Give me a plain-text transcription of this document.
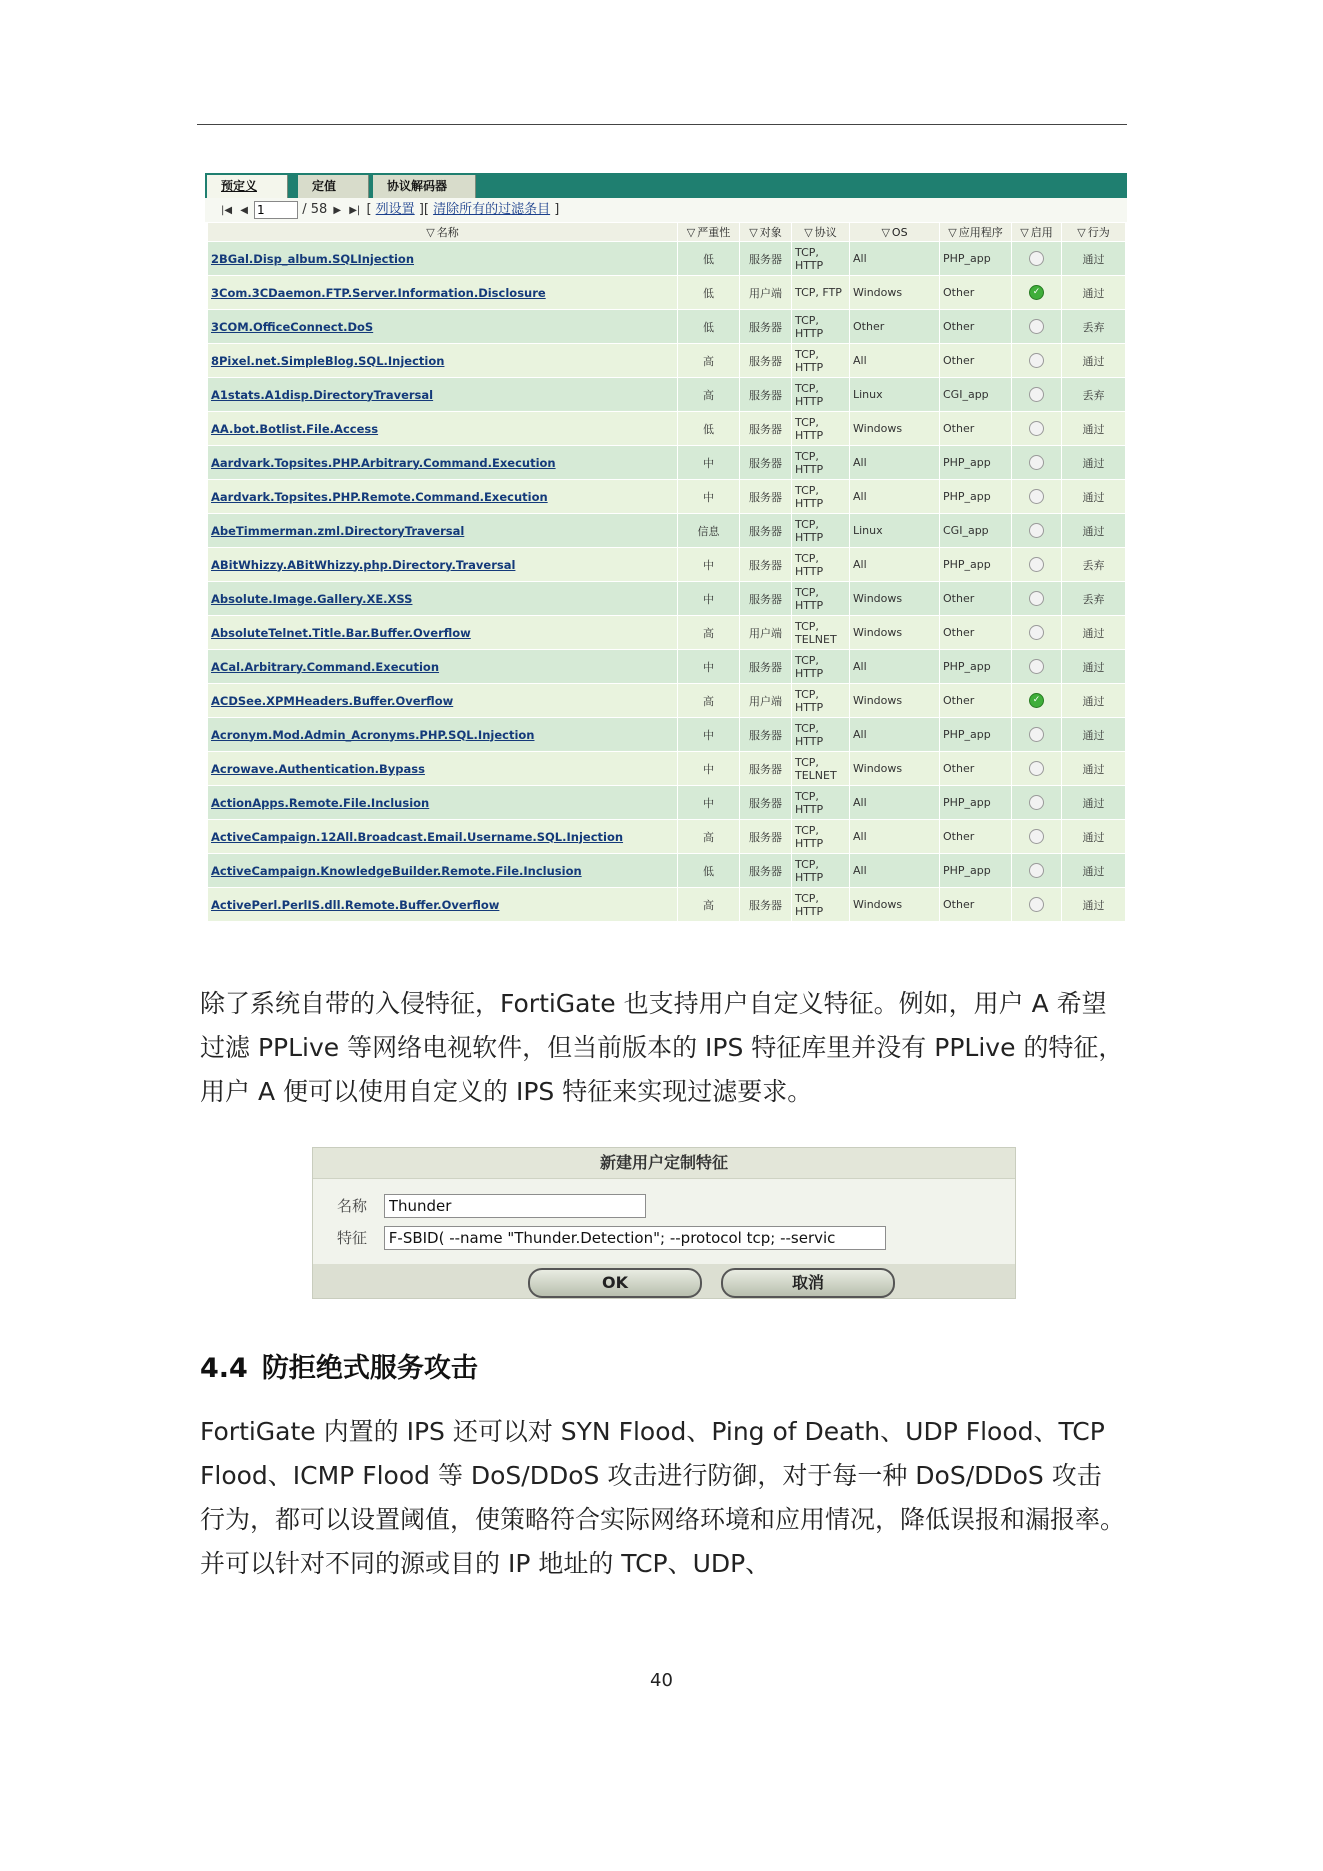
预定义	定值	协议解码器
|◀ ◀ 1	/ 58 ▶ ▶| [ 列设置 ][ 清除所有的过滤条目 ]
▽ 名称	▽ 严重性	▽ 对象	▽ 协议	▽ OS	▽ 应用程序	▽ 启用	▽ 行为
2BGal.Disp_album.SQLInjection	低	服务器	TCP, HTTP	All	PHP_app		通过
3Com.3CDaemon.FTP.Server.Information.Disclosure	低	用户端	TCP, FTP	Windows	Other	✓	通过
3COM.OfficeConnect.DoS	低	服务器	TCP, HTTP	Other	Other		丢弃
8Pixel.net.SimpleBlog.SQL.Injection	高	服务器	TCP, HTTP	All	Other		通过
A1stats.A1disp.DirectoryTraversal	高	服务器	TCP, HTTP	Linux	CGI_app		丢弃
AA.bot.Botlist.File.Access	低	服务器	TCP, HTTP	Windows	Other		通过
Aardvark.Topsites.PHP.Arbitrary.Command.Execution	中	服务器	TCP, HTTP	All	PHP_app		通过
Aardvark.Topsites.PHP.Remote.Command.Execution	中	服务器	TCP, HTTP	All	PHP_app		通过
AbeTimmerman.zml.DirectoryTraversal	信息	服务器	TCP, HTTP	Linux	CGI_app		通过
ABitWhizzy.ABitWhizzy.php.Directory.Traversal	中	服务器	TCP, HTTP	All	PHP_app		丢弃
Absolute.Image.Gallery.XE.XSS	中	服务器	TCP, HTTP	Windows	Other		丢弃
AbsoluteTelnet.Title.Bar.Buffer.Overflow	高	用户端	TCP, TELNET	Windows	Other		通过
ACal.Arbitrary.Command.Execution	中	服务器	TCP, HTTP	All	PHP_app		通过
ACDSee.XPMHeaders.Buffer.Overflow	高	用户端	TCP, HTTP	Windows	Other	✓	通过
Acronym.Mod.Admin_Acronyms.PHP.SQL.Injection	中	服务器	TCP, HTTP	All	PHP_app		通过
Acrowave.Authentication.Bypass	中	服务器	TCP, TELNET	Windows	Other		通过
ActionApps.Remote.File.Inclusion	中	服务器	TCP, HTTP	All	PHP_app		通过
ActiveCampaign.12All.Broadcast.Email.Username.SQL.Injection	高	服务器	TCP, HTTP	All	Other		通过
ActiveCampaign.KnowledgeBuilder.Remote.File.Inclusion	低	服务器	TCP, HTTP	All	PHP_app		通过
ActivePerl.PerlIS.dll.Remote.Buffer.Overflow	高	服务器	TCP, HTTP	Windows	Other		通过

除了系统自带的入侵特征，FortiGate 也支持用户自定义特征。例如，用户 A 希望过滤 PPLive 等网络电视软件，但当前版本的 IPS 特征库里并没有 PPLive 的特征，用户 A 便可以使用自定义的 IPS 特征来实现过滤要求。

新建用户定制特征
名称 Thunder
特征 F-SBID( --name "Thunder.Detection"; --protocol tcp; --servic
OK	取消
4.4 防拒绝式服务攻击

FortiGate 内置的 IPS 还可以对 SYN Flood、Ping of Death、UDP Flood、TCP Flood、ICMP Flood 等 DoS/DDoS 攻击进行防御，对于每一种 DoS/DDoS 攻击行为，都可以设置阈值，使策略符合实际网络环境和应用情况，降低误报和漏报率。并可以针对不同的源或目的 IP 地址的 TCP、UDP、

40
